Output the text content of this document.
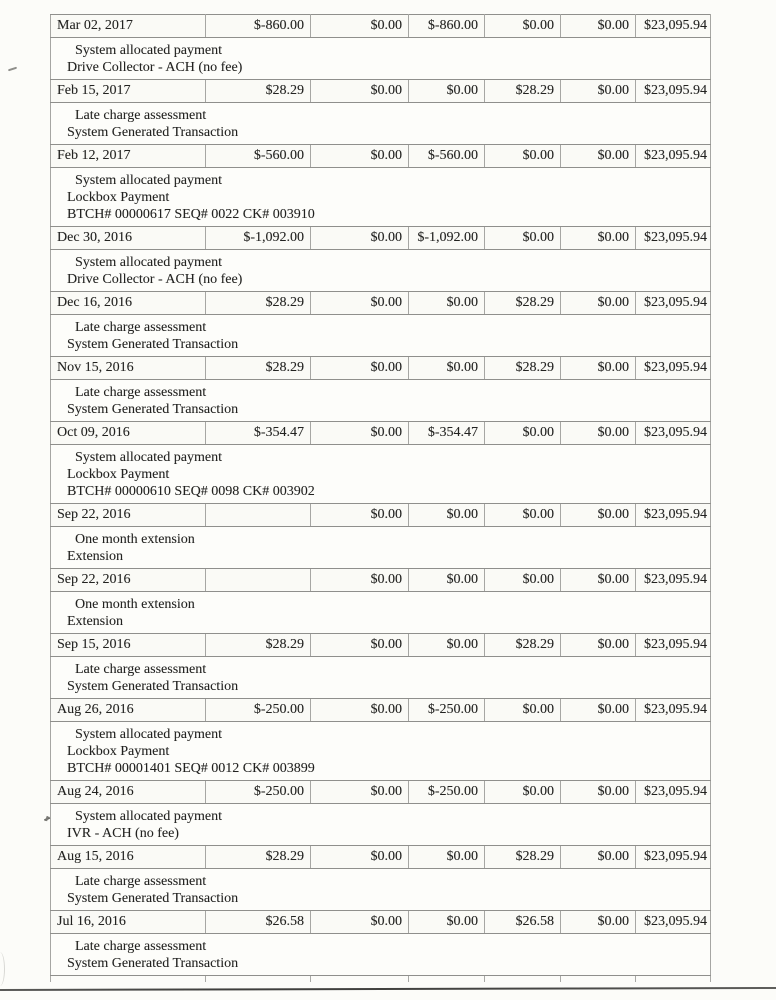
Mar 02, 2017	$-860.00	$0.00	$-860.00	$0.00	$0.00	$23,095.94

System allocated payment
Drive Collector - ACH (no fee)						

Feb 15, 2017	$28.29	$0.00	$0.00	$28.29	$0.00	$23,095.94

Late charge assessment
System Generated Transaction						

Feb 12, 2017	$-560.00	$0.00	$-560.00	$0.00	$0.00	$23,095.94

System allocated payment
Lockbox Payment
BTCH# 00000617 SEQ# 0022 CK# 003910						

Dec 30, 2016	$-1,092.00	$0.00	$-1,092.00	$0.00	$0.00	$23,095.94

System allocated payment
Drive Collector - ACH (no fee)						

Dec 16, 2016	$28.29	$0.00	$0.00	$28.29	$0.00	$23,095.94

Late charge assessment
System Generated Transaction						

Nov 15, 2016	$28.29	$0.00	$0.00	$28.29	$0.00	$23,095.94

Late charge assessment
System Generated Transaction						

Oct 09, 2016	$-354.47	$0.00	$-354.47	$0.00	$0.00	$23,095.94

System allocated payment
Lockbox Payment
BTCH# 00000610 SEQ# 0098 CK# 003902						

Sep 22, 2016		$0.00	$0.00	$0.00	$0.00	$23,095.94

One month extension
Extension						

Sep 22, 2016		$0.00	$0.00	$0.00	$0.00	$23,095.94

One month extension
Extension						

Sep 15, 2016	$28.29	$0.00	$0.00	$28.29	$0.00	$23,095.94

Late charge assessment
System Generated Transaction						

Aug 26, 2016	$-250.00	$0.00	$-250.00	$0.00	$0.00	$23,095.94

System allocated payment
Lockbox Payment
BTCH# 00001401 SEQ# 0012 CK# 003899						

Aug 24, 2016	$-250.00	$0.00	$-250.00	$0.00	$0.00	$23,095.94

System allocated payment
IVR - ACH (no fee)						

Aug 15, 2016	$28.29	$0.00	$0.00	$28.29	$0.00	$23,095.94

Late charge assessment
System Generated Transaction						

Jul 16, 2016	$26.58	$0.00	$0.00	$26.58	$0.00	$23,095.94

Late charge assessment
System Generated Transaction						
